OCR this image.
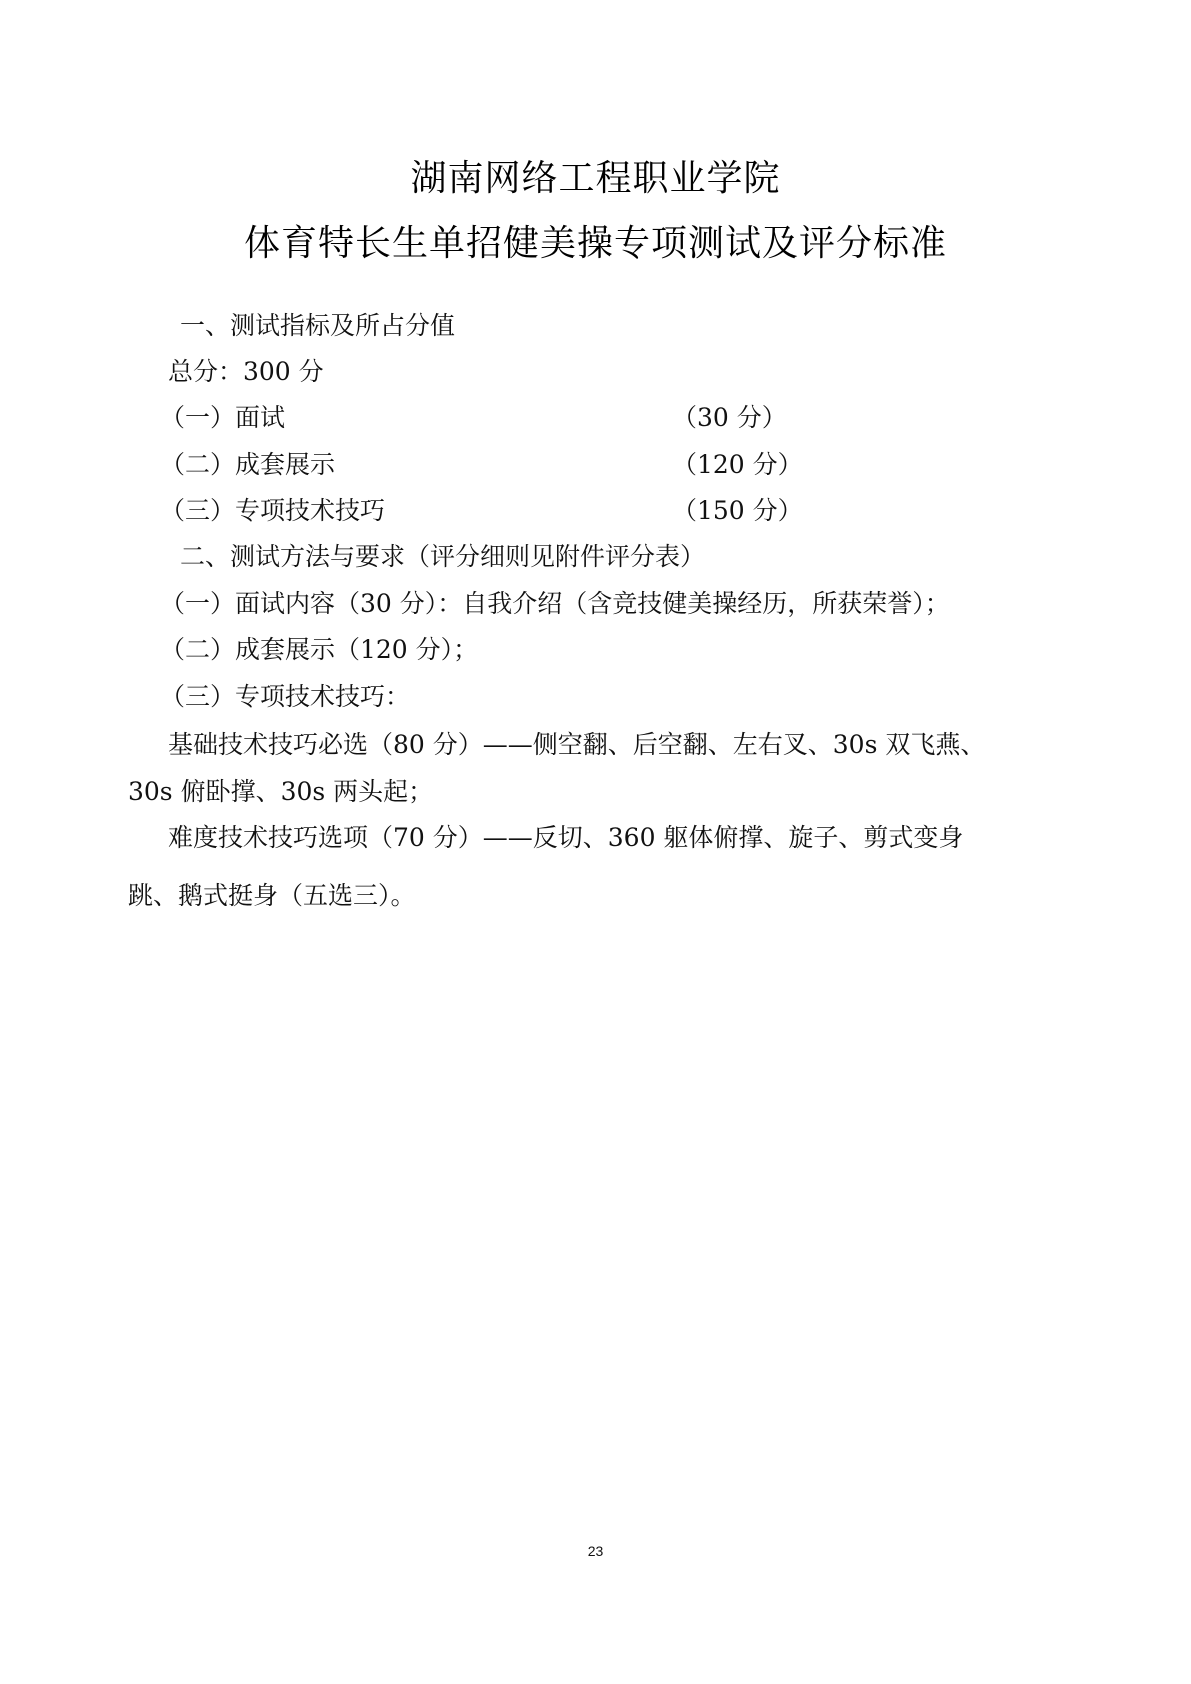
湖南网络工程职业学院
体育特长生单招健美操专项测试及评分标准
一、测试指标及所占分值
总分：300 分
（一）面试	（30 分）
（二）成套展示	（120 分）
（三）专项技术技巧	（150 分）
二、测试方法与要求（评分细则见附件评分表）
（一）面试内容（30 分）：自我介绍（含竞技健美操经历，所获荣誉）；
（二）成套展示（120 分）；
（三）专项技术技巧：
基础技术技巧必选（80 分）——侧空翻、后空翻、左右叉、30s 双飞燕、
30s 俯卧撑、30s 两头起；
难度技术技巧选项（70 分）——反切、360 躯体俯撑、旋子、剪式变身
跳、鹅式挺身（五选三）。
23
